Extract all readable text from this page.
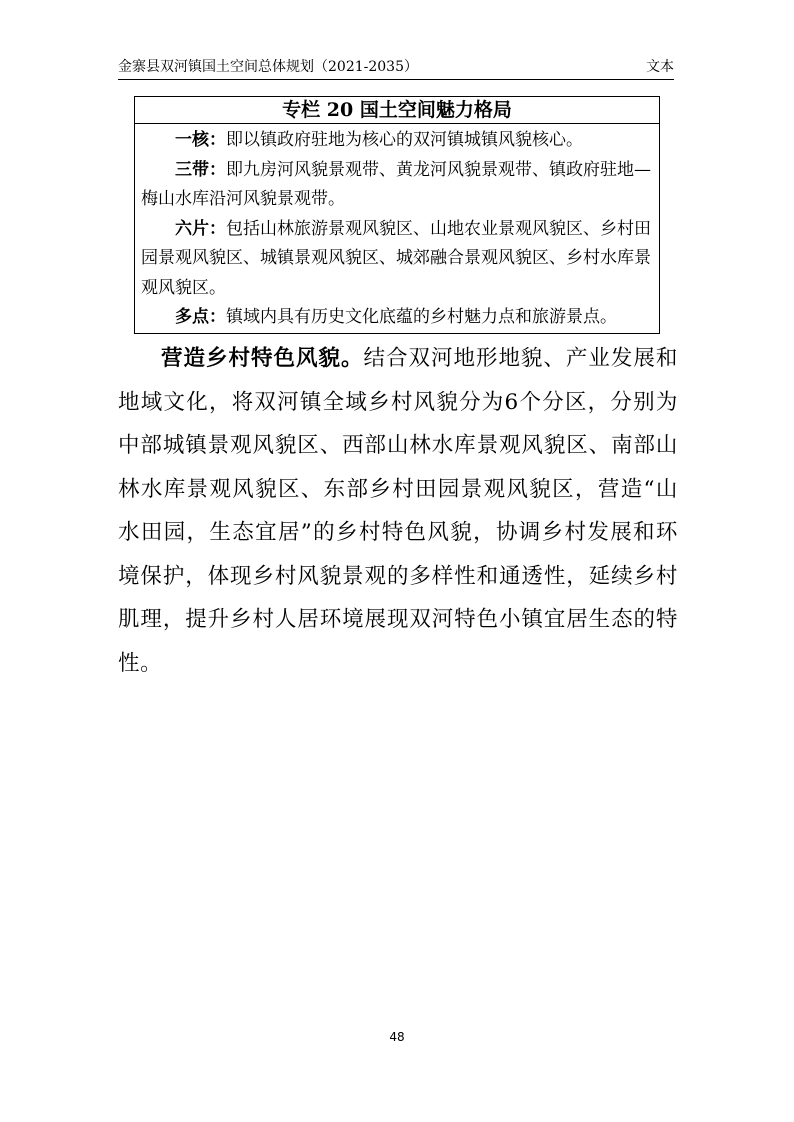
金寨县双河镇国土空间总体规划（2021-2035）	文本
专栏 20 国土空间魅力格局

一核：即以镇政府驻地为核心的双河镇城镇风貌核心。

三带：即九房河风貌景观带、黄龙河风貌景观带、镇政府驻地—梅山水库沿河风貌景观带。

六片：包括山林旅游景观风貌区、山地农业景观风貌区、乡村田园景观风貌区、城镇景观风貌区、城郊融合景观风貌区、乡村水库景观风貌区。

多点：镇域内具有历史文化底蕴的乡村魅力点和旅游景点。

营造乡村特色风貌。结合双河地形地貌、产业发展和地域文化，将双河镇全域乡村风貌分为6个分区，分别为中部城镇景观风貌区、西部山林水库景观风貌区、南部山林水库景观风貌区、东部乡村田园景观风貌区，营造“山水田园，生态宜居”的乡村特色风貌，协调乡村发展和环境保护，体现乡村风貌景观的多样性和通透性，延续乡村肌理，提升乡村人居环境展现双河特色小镇宜居生态的特性。

48
